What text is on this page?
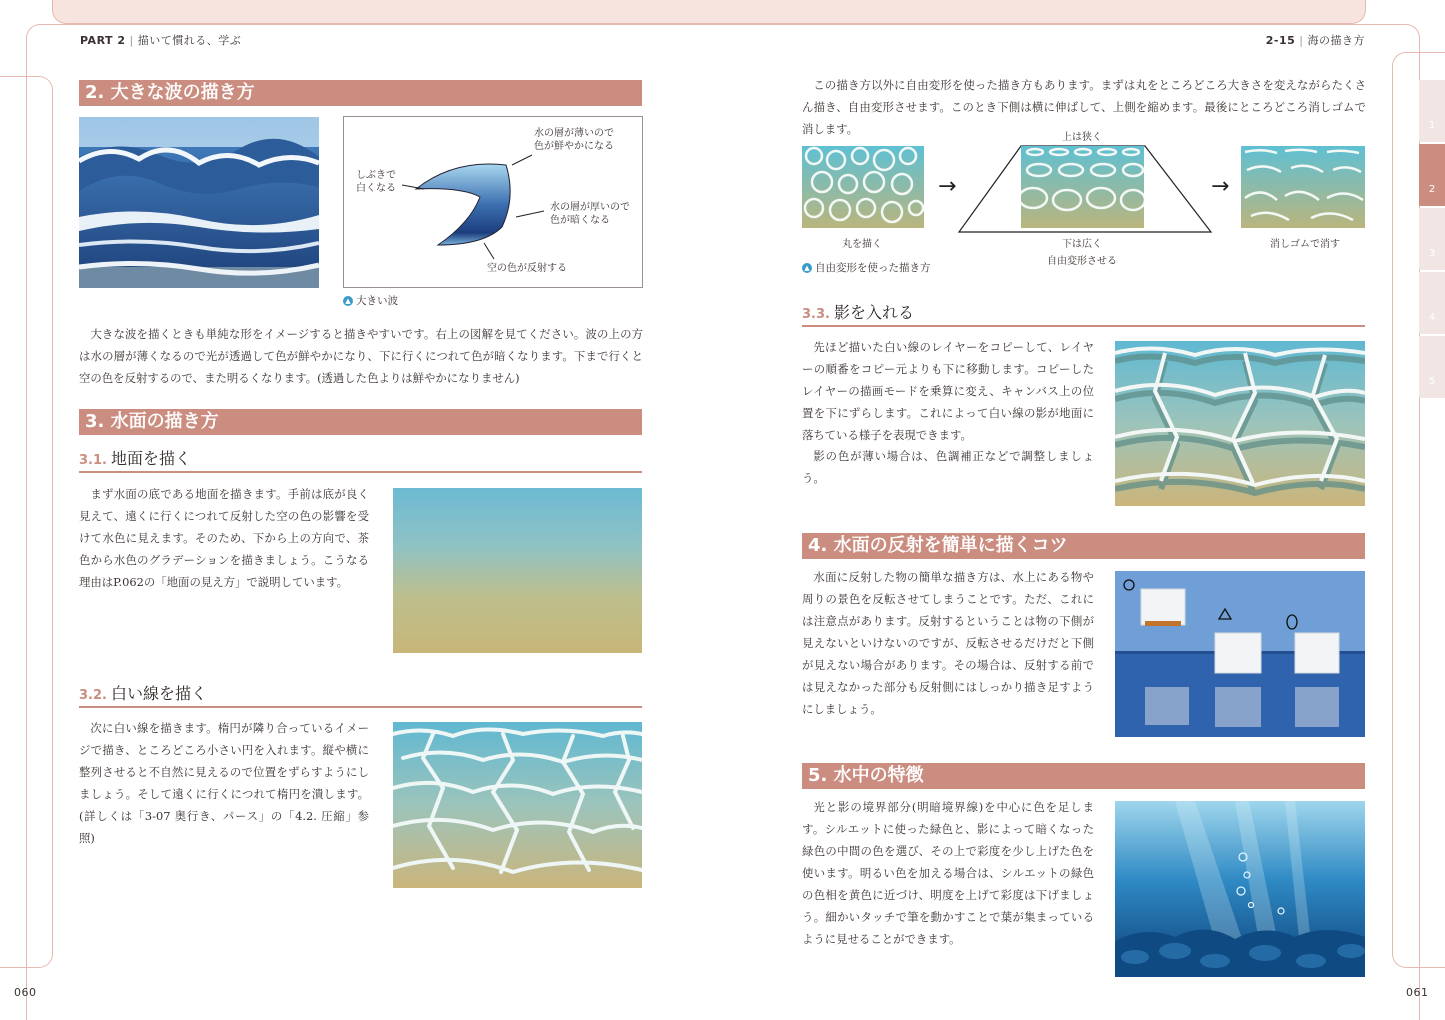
PART 2 | 描いて慣れる、学ぶ	2-15 | 海の描き方
060	061
1
2
3
4
5
2. 大きな波の描き方
水の層が薄いので
色が鮮やかになる
しぶきで
白くなる
水の層が厚いので
色が暗くなる
空の色が反射する
▲ 大きい波

大きな波を描くときも単純な形をイメージすると描きやすいです。右上の図解を見てください。波の上の方は水の層が薄くなるので光が透過して色が鮮やかになり、下に行くにつれて色が暗くなります。下まで行くと空の色を反射するので、また明るくなります。(透過した色よりは鮮やかになりません)

3. 水面の描き方
3.1. 地面を描く

まず水面の底である地面を描きます。手前は底が良く見えて、遠くに行くにつれて反射した空の色の影響を受けて水色に見えます。そのため、下から上の方向で、茶色から水色のグラデーションを描きましょう。こうなる理由はP.062の「地面の見え方」で説明しています。

3.2. 白い線を描く

次に白い線を描きます。楕円が隣り合っているイメージで描き、ところどころ小さい円を入れます。縦や横に整列させると不自然に見えるので位置をずらすようにしましょう。そして遠くに行くにつれて楕円を潰します。(詳しくは「3-07 奥行き、パース」の「4.2. 圧縮」参照)

この描き方以外に自由変形を使った描き方もあります。まずは丸をところどころ大きさを変えながらたくさん描き、自由変形させます。このとき下側は横に伸ばして、上側を縮めます。最後にところどころ消しゴムで消します。

→
上は狭く
→
丸を描く	下は広く
自由変形させる
消しゴムで消す
▲ 自由変形を使った描き方
3.3. 影を入れる

先ほど描いた白い線のレイヤーをコピーして、レイヤーの順番をコピー元よりも下に移動します。コピーしたレイヤーの描画モードを乗算に変え、キャンバス上の位置を下にずらします。これによって白い線の影が地面に落ちている様子を表現できます。

影の色が薄い場合は、色調補正などで調整しましょう。

4. 水面の反射を簡単に描くコツ

水面に反射した物の簡単な描き方は、水上にある物や周りの景色を反転させてしまうことです。ただ、これには注意点があります。反射するということは物の下側が見えないといけないのですが、反転させるだけだと下側が見えない場合があります。その場合は、反射する前では見えなかった部分も反射側にはしっかり描き足すようにしましょう。

5. 水中の特徴

光と影の境界部分(明暗境界線)を中心に色を足します。シルエットに使った緑色と、影によって暗くなった緑色の中間の色を選び、その上で彩度を少し上げた色を使います。明るい色を加える場合は、シルエットの緑色の色相を黄色に近づけ、明度を上げて彩度は下げましょう。細かいタッチで筆を動かすことで葉が集まっているように見せることができます。
